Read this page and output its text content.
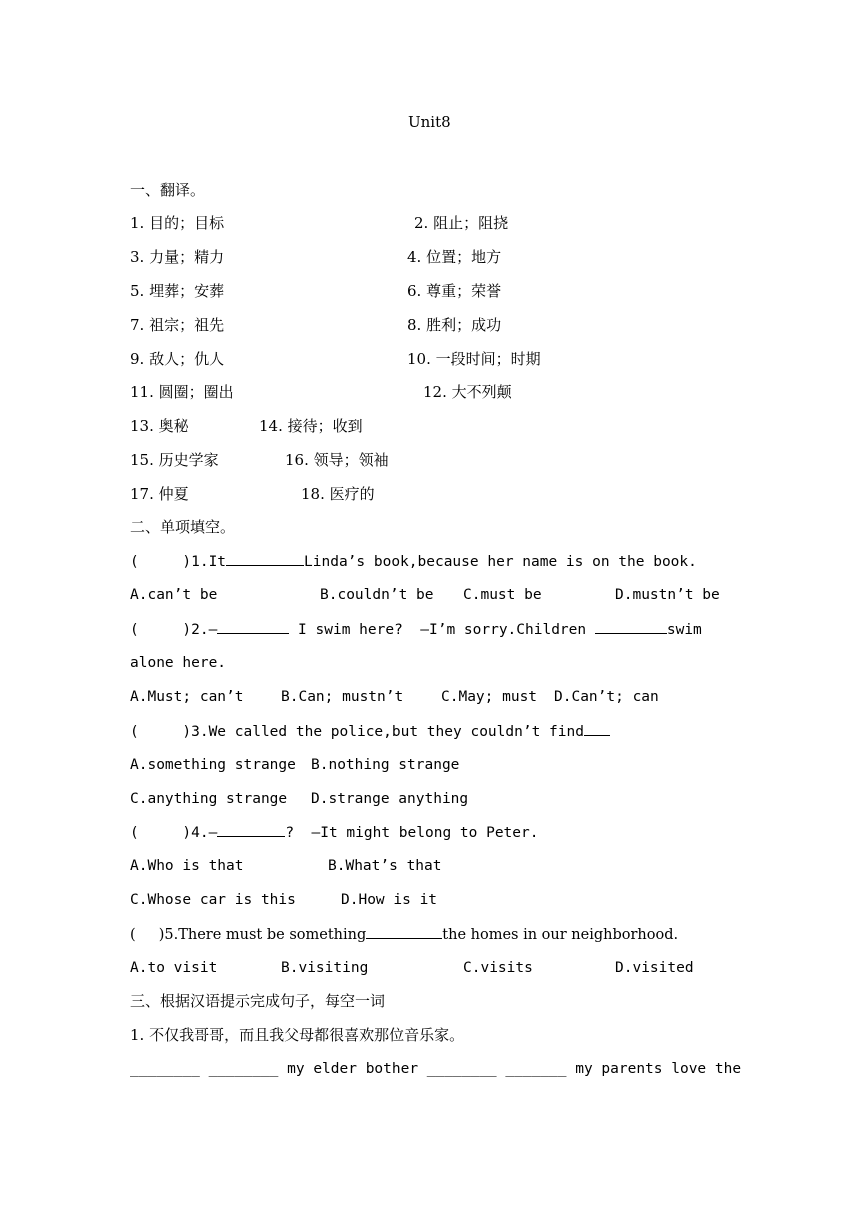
Unit8
一、翻译。
1. 目的；目标	2. 阻止；阻挠
3. 力量；精力	4. 位置；地方
5. 埋葬；安葬	6. 尊重；荣誉
7. 祖宗；祖先	8. 胜利；成功
9. 敌人；仇人	10. 一段时间；时期
11. 圆圈；圈出	12. 大不列颠
13. 奥秘	14. 接待；收到
15. 历史学家	16. 领导；领袖
17. 仲夏	18. 医疗的
二、单项填空。
(     )1.It	Linda’s book,because her name is on the book.
A.can’t be	B.couldn’t be C.must be	D.mustn’t be
(     )2.—	I swim here?  —I’m sorry.Children	swim
alone here.
A.Must; can’t	B.Can; mustn’t	C.May; must D.Can’t; can
(     )3.We called the police,but they couldn’t find
A.something strange B.nothing strange
C.anything strange D.strange anything
(     )4.—	?  —It might belong to Peter.
A.Who is that	B.What’s that
C.Whose car is this	D.How is it
(     )5.There must be something	the homes in our neighborhood.
A.to visit	B.visiting	C.visits	D.visited
三、根据汉语提示完成句子，每空一词
1. 不仅我哥哥，而且我父母都很喜欢那位音乐家。
________ ________ my elder bother ________ _______ my parents love the
